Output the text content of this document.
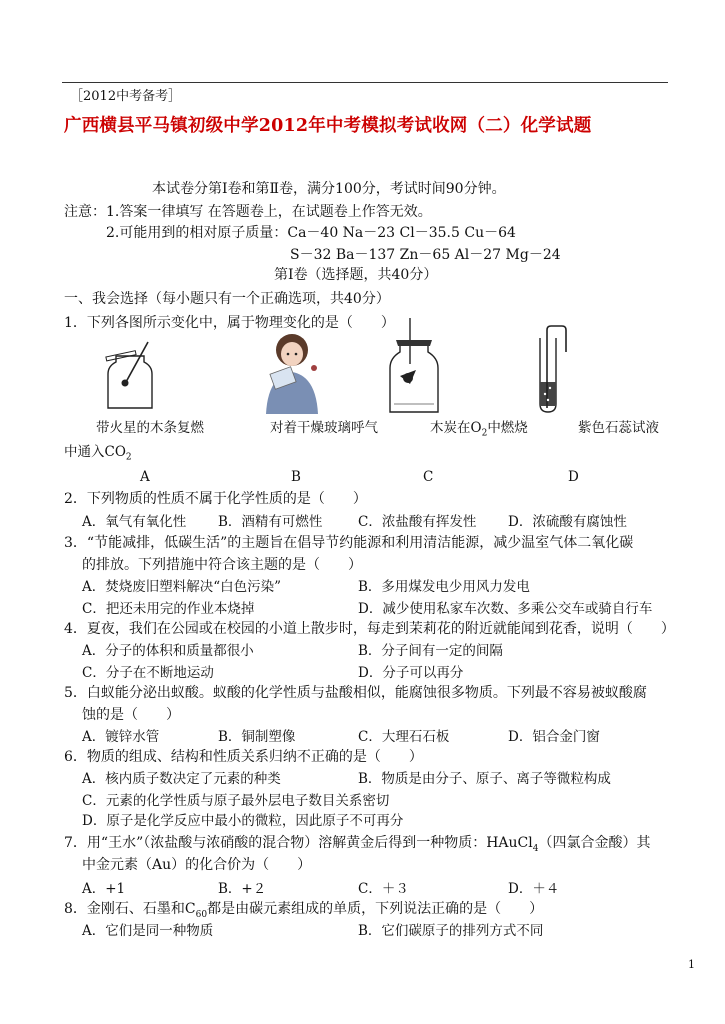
［2012中考备考］
广西横县平马镇初级中学2012年中考模拟考试收网（二）化学试题
本试卷分第Ⅰ卷和第Ⅱ卷，满分100分，考试时间90分钟。
注意：1.答案一律填写 在答题卷上，在试题卷上作答无效。
2.可能用到的相对原子质量：Ca－40 Na－23 Cl－35.5 Cu－64
S－32 Ba－137 Zn－65 Al－27 Mg－24
第Ⅰ卷（选择题，共40分）
一、我会选择（每小题只有一个正确选项，共40分）
1．下列各图所示变化中，属于物理变化的是（　　）
带火星的木条复燃	对着干燥玻璃呼气	木炭在$O_2$中燃烧	紫色石蕊试液
中通入$CO_2$
A	B	C	D
2．下列物质的性质不属于化学性质的是（　　）
A．氧气有氧化性 B．酒精有可燃性	C．浓盐酸有挥发性 D．浓硫酸有腐蚀性
3．“节能减排，低碳生活”的主题旨在倡导节约能源和利用清洁能源，减少温室气体二氧化碳
的排放。下列措施中符合该主题的是（　　）
A．焚烧废旧塑料解决“白色污染”	B．多用煤发电少用风力发电
C．把还未用完的作业本烧掉	D．减少使用私家车次数、多乘公交车或骑自行车
4．夏夜，我们在公园或在校园的小道上散步时，每走到茉莉花的附近就能闻到花香，说明（　　）
A．分子的体积和质量都很小	B．分子间有一定的间隔
C．分子在不断地运动	D．分子可以再分
5．白蚁能分泌出蚁酸。蚁酸的化学性质与盐酸相似，能腐蚀很多物质。下列最不容易被蚁酸腐
蚀的是（　　）
A．镀锌水管	B．铜制塑像	C．大理石石板	D．铝合金门窗
6．物质的组成、结构和性质关系归纳不正确的是（　　）
A．核内质子数决定了元素的种类	B．物质是由分子、原子、离子等微粒构成
C．元素的化学性质与原子最外层电子数目关系密切
D．原子是化学反应中最小的微粒，因此原子不可再分
7．用“王水”（浓盐酸与浓硝酸的混合物）溶解黄金后得到一种物质：HAuCl$_4$（四氯合金酸）其
中金元素（Au）的化合价为（　　）
A．+1	B．+２	C．＋３	D．＋４
8．金刚石、石墨和$C_{60}$都是由碳元素组成的单质，下列说法正确的是（　　）
A．它们是同一种物质	B．它们碳原子的排列方式不同
1
